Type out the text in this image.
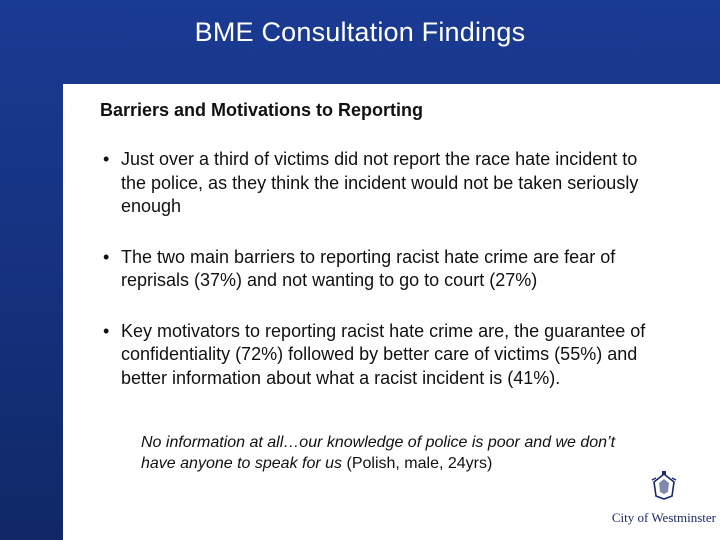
BME Consultation Findings
Barriers and Motivations to Reporting
• Just over a third of victims did not report the race hate incident to the police, as they think the incident would not be taken seriously enough
• The two main barriers to reporting racist hate crime are fear of reprisals (37%) and not wanting to go to court (27%)
• Key motivators to reporting racist hate crime are, the guarantee of confidentiality (72%) followed by better care of victims (55%) and better information about what a racist incident is (41%).
No information at all…our knowledge of police is poor and we don’t have anyone to speak for us (Polish, male, 24yrs)
City of Westminster
